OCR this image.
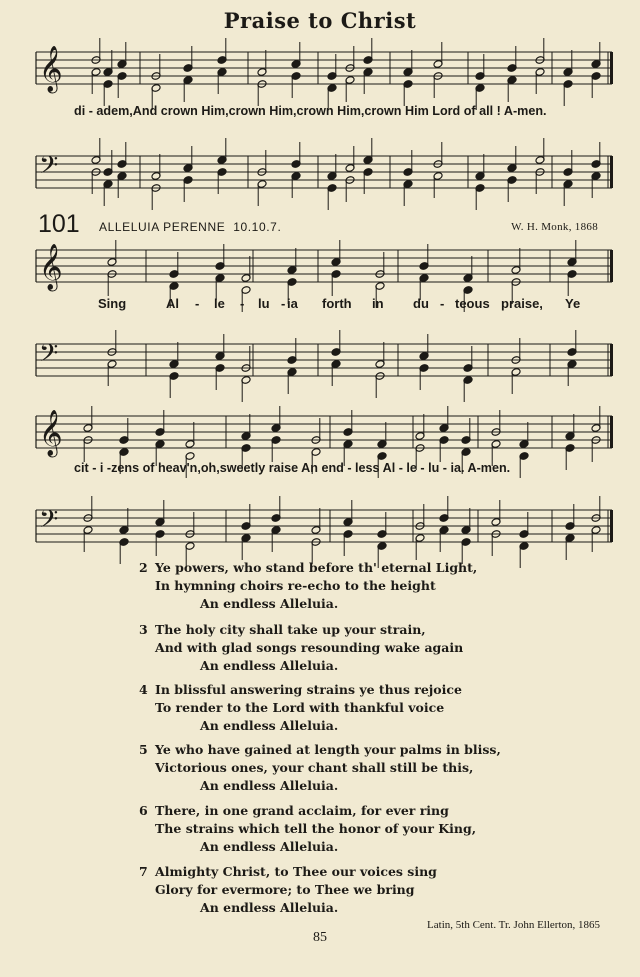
Praise to Christ
𝄞
di - adem,And crown Him,crown Him,crown Him,crown Him Lord of all ! A-men.
𝄢
101 ALLELUIA PERENNE 10.10.7.	W. H. Monk, 1868
𝄞
Sing	Al - le - lu - ia forth in du - teous praise, Ye
𝄢
𝄞
cit - i -zens of heav'n,oh,sweetly raise An end - less Al - le - lu - ia. A-men.
𝄢
2 Ye powers, who stand before th' eternal Light,
In hymning choirs re-echo to the height
An endless Alleluia.
3 The holy city shall take up your strain,
And with glad songs resounding wake again
An endless Alleluia.
4 In blissful answering strains ye thus rejoice
To render to the Lord with thankful voice
An endless Alleluia.
5 Ye who have gained at length your palms in bliss,
Victorious ones, your chant shall still be this,
An endless Alleluia.
6 There, in one grand acclaim, for ever ring
The strains which tell the honor of your King,
An endless Alleluia.
7 Almighty Christ, to Thee our voices sing
Glory for evermore; to Thee we bring
An endless Alleluia.
Latin, 5th Cent. Tr. John Ellerton, 1865
85
